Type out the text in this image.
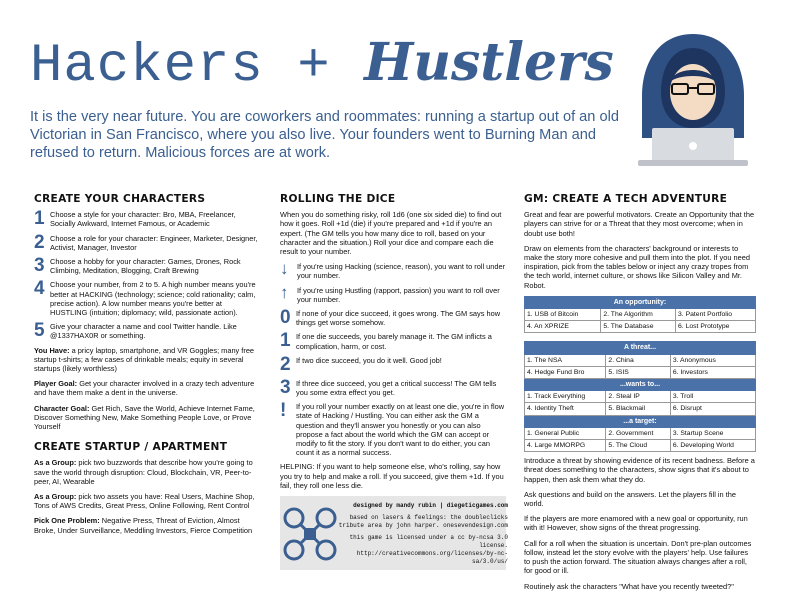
Hackers + Hustlers
It is the very near future. You are coworkers and roommates: running a startup out of an old Victorian in San Francisco, where you also live. Your founders went to Burning Man and refused to return. Malicious forces are at work.
CREATE YOUR CHARACTERS
1 Choose a style for your character: Bro, MBA, Freelancer, Socially Awkward, Internet Famous, or Academic
2 Choose a role for your character: Engineer, Marketer, Designer, Activist, Manager, Investor
3 Choose a hobby for your character: Games, Drones, Rock Climbing, Meditation, Blogging, Craft Brewing
4 Choose your number, from 2 to 5. A high number means you're better at HACKING (technology; science; cold rationality; calm, precise action). A low number means you're better at HUSTLING (intuition; diplomacy; wild, passionate action).
5 Give your character a name and cool Twitter handle. Like @1337HAX0R or something.

You Have: a pricy laptop, smartphone, and VR Goggles; many free startup t-shirts; a few cases of drinkable meals; equity in several startups (likely worthless)

Player Goal: Get your character involved in a crazy tech adventure and have them make a dent in the universe.

Character Goal: Get Rich, Save the World, Achieve Internet Fame, Discover Something New, Make Something People Love, or Prove Yourself

CREATE STARTUP / APARTMENT

As a Group: pick two buzzwords that describe how you're going to save the world through disruption: Cloud, Blockchain, VR, Peer-to-peer, AI, Wearable

As a Group: pick two assets you have: Real Users, Machine Shop, Tons of AWS Credits, Great Press, Online Following, Rent Control

Pick One Problem: Negative Press, Threat of Eviction, Almost Broke, Under Surveillance, Meddling Investors, Fierce Competition

ROLLING THE DICE

When you do something risky, roll 1d6 (one six sided die) to find out how it goes. Roll +1d (die) if you're prepared and +1d if you're an expert. (The GM tells you how many dice to roll, based on your character and the situation.) Roll your dice and compare each die result to your number.

↓	If you're using Hacking (science, reason), you want to roll under your number.
↑	If you're using Hustling (rapport, passion) you want to roll over your number.
0 If none of your dice succeed, it goes wrong. The GM says how things get worse somehow.
1 If one die succeeds, you barely manage it. The GM inflicts a complication, harm, or cost.
2 If two dice succeed, you do it well. Good job!
3 If three dice succeed, you get a critical success! The GM tells you some extra effect you get.
!	If you roll your number exactly on at least one die, you're in flow state of Hacking / Hustling. You can either ask the GM a question and they'll answer you honestly or you can also propose a fact about the world which the GM can accept or modify to fit the story. If you don't want to do either, you can count it as a normal success.

HELPING: If you want to help someone else, who's rolling, say how you try to help and make a roll. If you succeed, give them +1d. If you fail, they roll one less die.

designed by mandy rubin | diegeticgames.com
based on lasers & feelings: the doubleclicks
tribute area by john harper. onesevendesign.com
this game is licensed under a cc by-ncsa 3.0 license.
http://creativecommons.org/licenses/by-nc-sa/3.0/us/
GM: CREATE A TECH ADVENTURE

Great and fear are powerful motivators. Create an Opportunity that the players can strive for or a Threat that they most overcome; when in doubt use both!

Draw on elements from the characters' background or interests to make the story more cohesive and pull them into the plot. If you need inspiration, pick from the tables below or inject any crazy tropes from the tech world, internet culture, or shows like Silicon Valley and Mr. Robot.

An opportunity:		
1. USB of Bitcoin	2. The Algorithm	3. Patent Portfolio
4. An XPRIZE	5. The Database	6. Lost Prototype
A threat...		
1. The NSA	2. China	3. Anonymous
4. Hedge Fund Bro	5. ISIS	6. Investors
...wants to...		
1. Track Everything	2. Steal IP	3. Troll
4. Identity Theft	5. Blackmail	6. Disrupt
...a target:		
1. General Public	2. Government	3. Startup Scene
4. Large MMORPG	5. The Cloud	6. Developing World

Introduce a threat by showing evidence of its recent badness. Before a threat does something to the characters, show signs that it's about to happen, then ask them what they do.

Ask questions and build on the answers. Let the players fill in the world.

If the players are more enamored with a new goal or opportunity, run with it! However, show signs of the threat progressing.

Call for a roll when the situation is uncertain. Don't pre-plan outcomes follow, instead let the story evolve with the players' help. Use failures to push the action forward. The situation always changes after a roll, for good or ill.

Routinely ask the characters "What have you recently tweeted?"
